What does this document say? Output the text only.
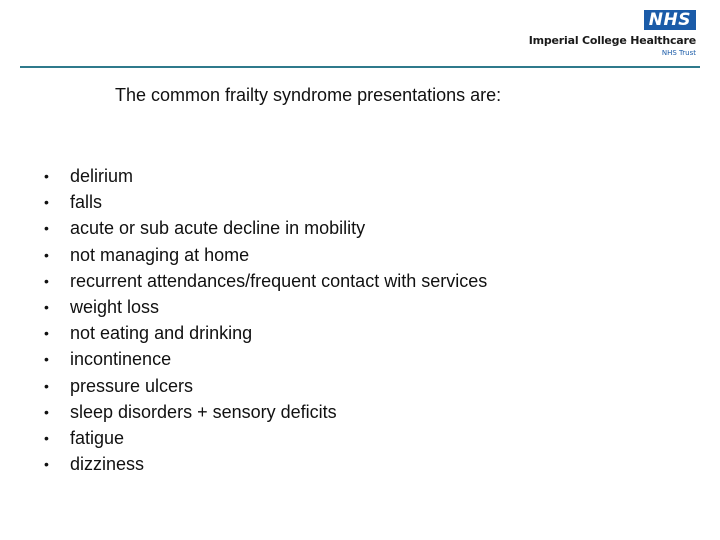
NHS
Imperial College Healthcare
NHS Trust
The common frailty syndrome presentations are:
•	delirium
•	falls
•	acute or sub acute decline in mobility
•	not managing at home
•	recurrent attendances/frequent contact with services
•	weight loss
•	not eating and drinking
•	incontinence
•	pressure ulcers
•	sleep disorders + sensory deficits
•	fatigue
•	dizziness
